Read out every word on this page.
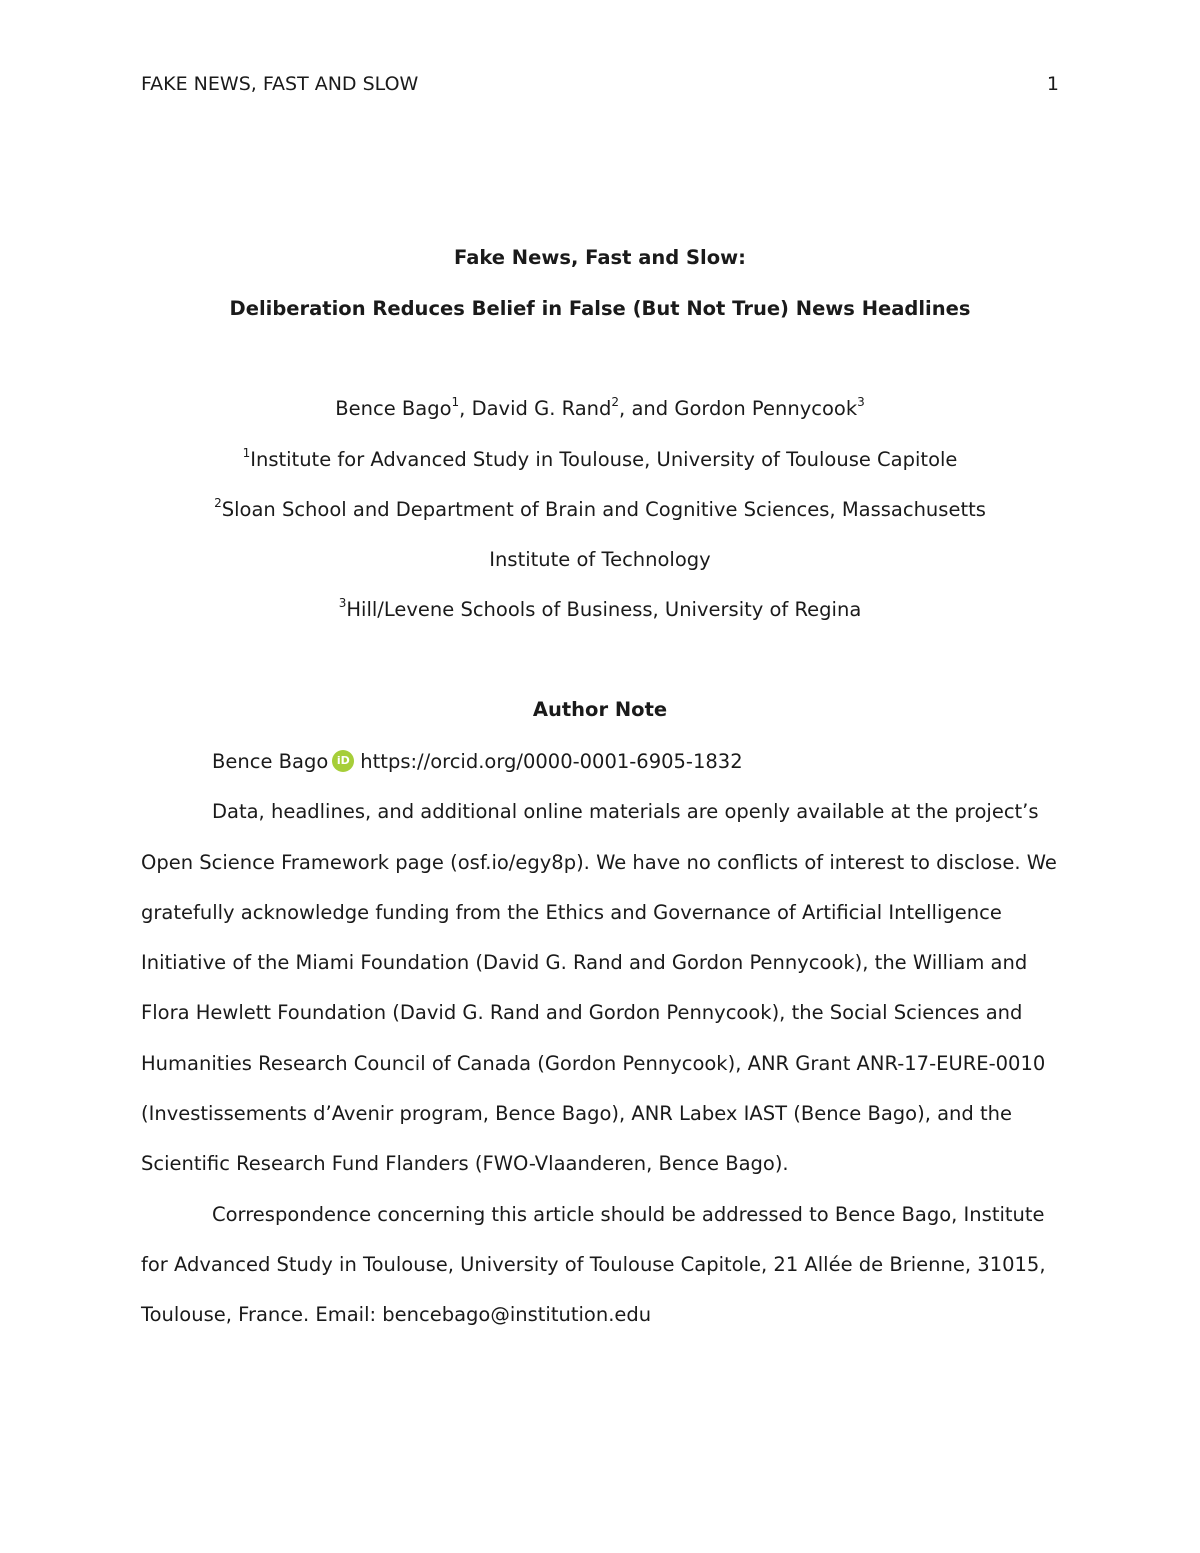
FAKE NEWS, FAST AND SLOW	1
Fake News, Fast and Slow:
Deliberation Reduces Belief in False (But Not True) News Headlines
Bence Bago$^1$, David G. Rand$^2$, and Gordon Pennycook$^3$
$^1$Institute for Advanced Study in Toulouse, University of Toulouse Capitole
$^2$Sloan School and Department of Brain and Cognitive Sciences, Massachusetts
Institute of Technology
$^3$Hill/Levene Schools of Business, University of Regina
Author Note

Bence Bago iD https://orcid.org/0000-0001-6905-1832

Data, headlines, and additional online materials are openly available at the project’s Open Science Framework page (osf.io/egy8p). We have no conflicts of interest to disclose. We gratefully acknowledge funding from the Ethics and Governance of Artificial Intelligence Initiative of the Miami Foundation (David G. Rand and Gordon Pennycook), the William and Flora Hewlett Foundation (David G. Rand and Gordon Pennycook), the Social Sciences and Humanities Research Council of Canada (Gordon Pennycook), ANR Grant ANR-17-EURE-0010 (Investissements d’Avenir program, Bence Bago), ANR Labex IAST (Bence Bago), and the Scientific Research Fund Flanders (FWO-Vlaanderen, Bence Bago).

Correspondence concerning this article should be addressed to Bence Bago, Institute for Advanced Study in Toulouse, University of Toulouse Capitole, 21 Allée de Brienne, 31015, Toulouse, France. Email: bencebago@institution.edu
